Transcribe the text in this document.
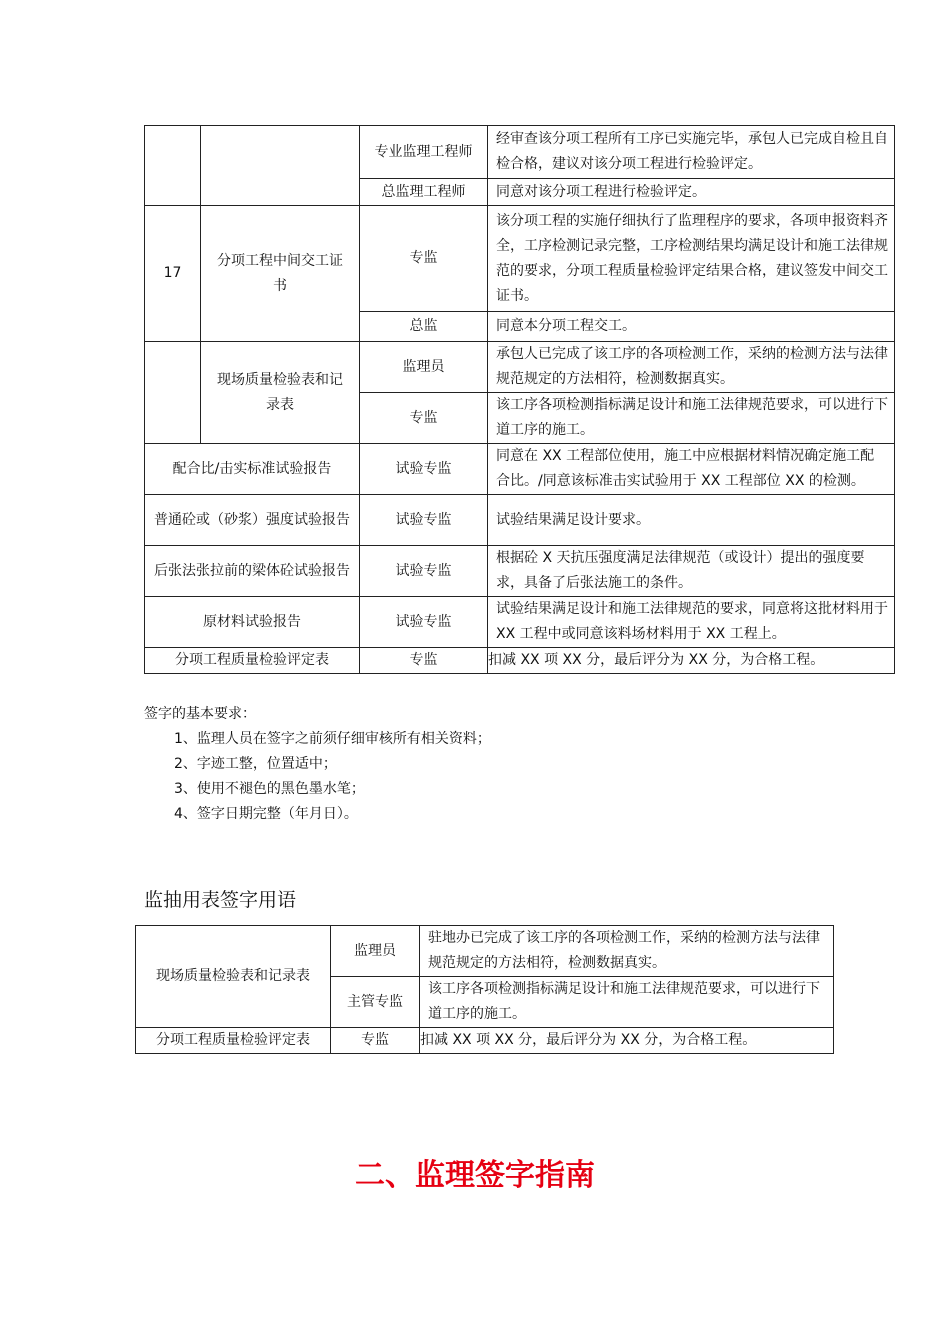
		专业监理工程师	经审查该分项工程所有工序已实施完毕，承包人已完成自检且自检合格，建议对该分项工程进行检验评定。
		总监理工程师	同意对该分项工程进行检验评定。
17	分项工程中间交工证书	专监	该分项工程的实施仔细执行了监理程序的要求，各项申报资料齐全，工序检测记录完整，工序检测结果均满足设计和施工法律规范的要求，分项工程质量检验评定结果合格，建议签发中间交工证书。
		总监	同意本分项工程交工。
	现场质量检验表和记录表	监理员	承包人已完成了该工序的各项检测工作，采纳的检测方法与法律规范规定的方法相符，检测数据真实。
		专监	该工序各项检测指标满足设计和施工法律规范要求，可以进行下道工序的施工。
配合比/击实标准试验报告		试验专监	同意在 XX 工程部位使用，施工中应根据材料情况确定施工配合比。/同意该标准击实试验用于 XX 工程部位 XX 的检测。
普通砼或（砂浆）强度试验报告		试验专监	试验结果满足设计要求。
后张法张拉前的梁体砼试验报告		试验专监	根据砼 X 天抗压强度满足法律规范（或设计）提出的强度要求，具备了后张法施工的条件。
原材料试验报告		试验专监	试验结果满足设计和施工法律规范的要求，同意将这批材料用于 XX 工程中或同意该料场材料用于 XX 工程上。
分项工程质量检验评定表		专监	扣减 XX 项 XX 分，最后评分为 XX 分，为合格工程。
签字的基本要求：
1、监理人员在签字之前须仔细审核所有相关资料；
2、字迹工整，位置适中；
3、使用不褪色的黑色墨水笔；
4、签字日期完整（年月日）。
监抽用表签字用语
现场质量检验表和记录表	监理员	驻地办已完成了该工序的各项检测工作，采纳的检测方法与法律规范规定的方法相符，检测数据真实。
	主管专监	该工序各项检测指标满足设计和施工法律规范要求，可以进行下道工序的施工。
分项工程质量检验评定表	专监	扣减 XX 项 XX 分，最后评分为 XX 分，为合格工程。
二、监理签字指南
